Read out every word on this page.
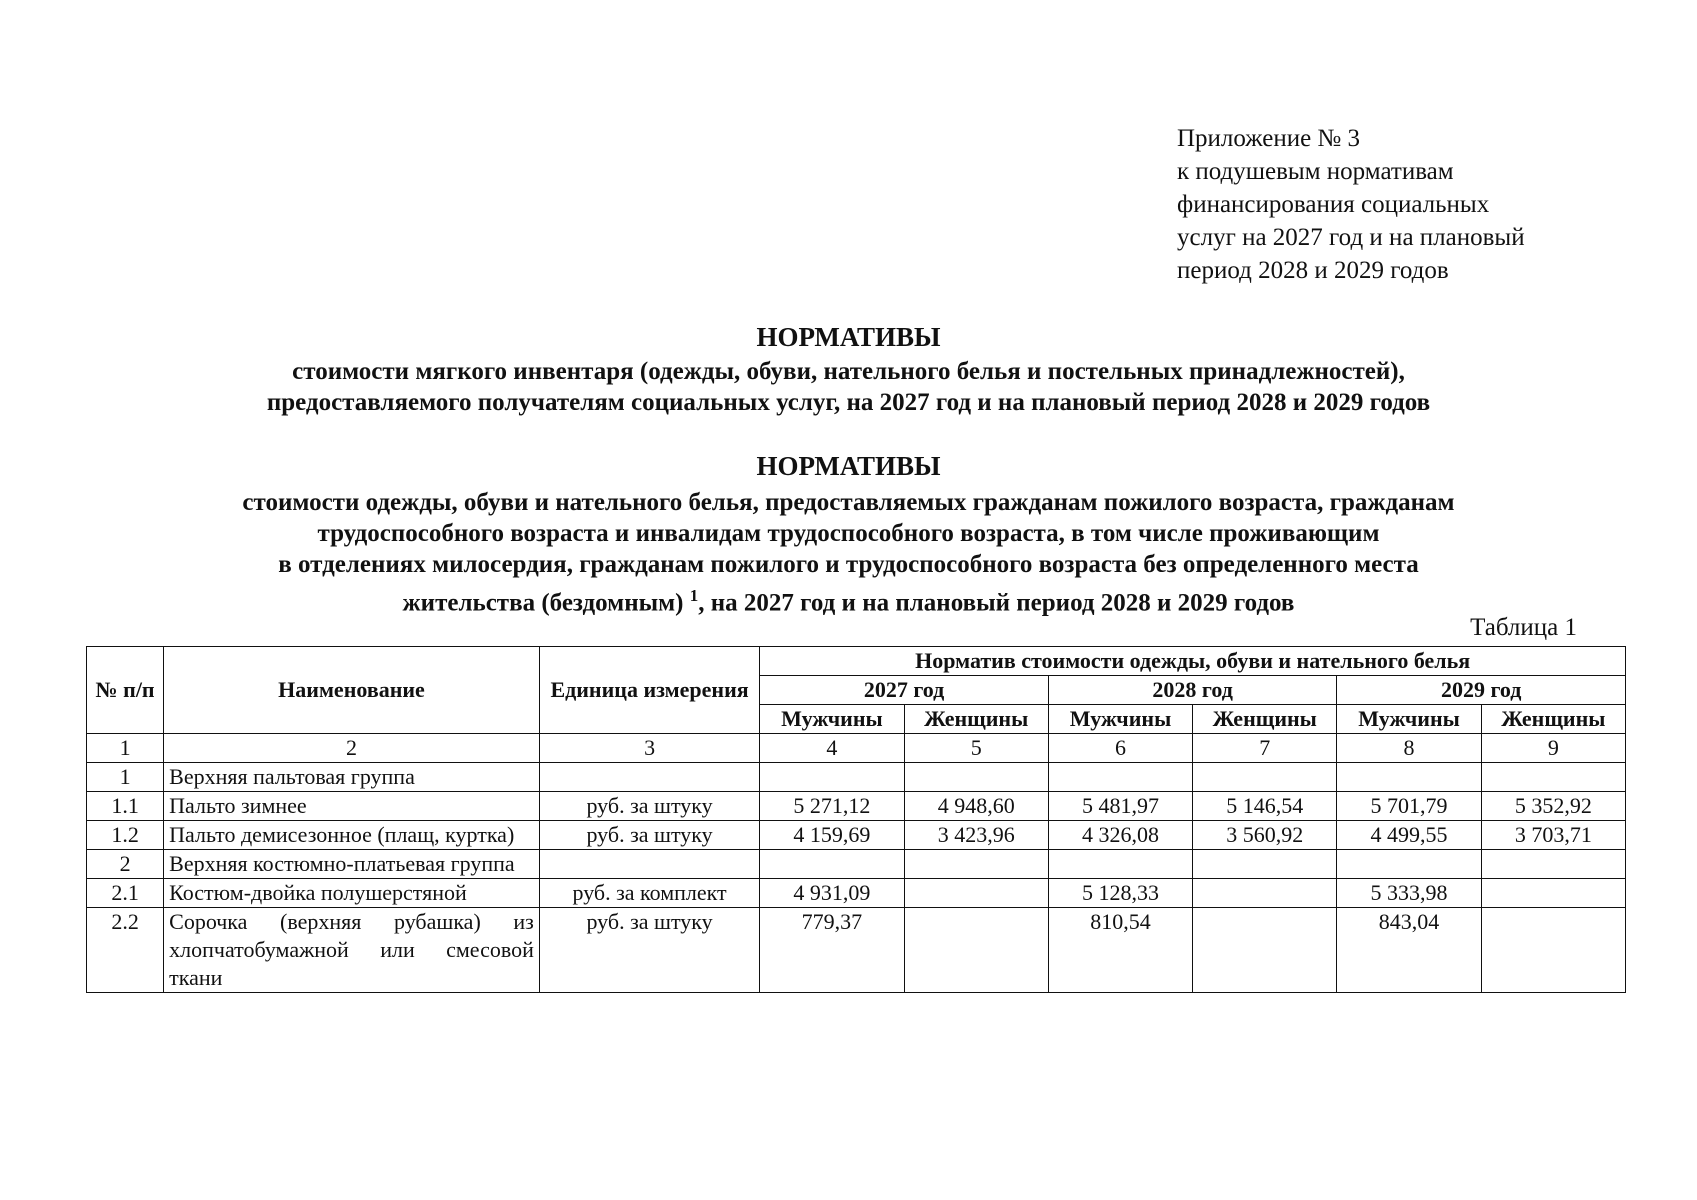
Приложение № 3
к подушевым нормативам
финансирования социальных
услуг на 2027 год и на плановый
период 2028 и 2029 годов
НОРМАТИВЫ
стоимости мягкого инвентаря (одежды, обуви, нательного белья и постельных принадлежностей),
предоставляемого получателям социальных услуг, на 2027 год и на плановый период 2028 и 2029 годов
НОРМАТИВЫ
стоимости одежды, обуви и нательного белья, предоставляемых гражданам пожилого возраста, гражданам
трудоспособного возраста и инвалидам трудоспособного возраста, в том числе проживающим
в отделениях милосердия, гражданам пожилого и трудоспособного возраста без определенного места
жительства (бездомным) $^1$, на 2027 год и на плановый период 2028 и 2029 годов
Таблица 1
№ п/п	Наименование	Единица измерения	Норматив стоимости одежды, обуви и нательного белья					
			2027 год		2028 год		2029 год	
			Мужчины	Женщины	Мужчины	Женщины	Мужчины	Женщины
1	2	3	4	5	6	7	8	9
1	Верхняя пальтовая группа							
1.1	Пальто зимнее	руб. за штуку	5 271,12	4 948,60	5 481,97	5 146,54	5 701,79	5 352,92
1.2	Пальто демисезонное (плащ, куртка)	руб. за штуку	4 159,69	3 423,96	4 326,08	3 560,92	4 499,55	3 703,71
2	Верхняя костюмно-платьевая группа							
2.1	Костюм-двойка полушерстяной	руб. за комплект	4 931,09		5 128,33		5 333,98	
2.2	Сорочка (верхняя рубашка) из хлопчатобумажной или смесовой ткани	руб. за штуку	779,37		810,54		843,04	
